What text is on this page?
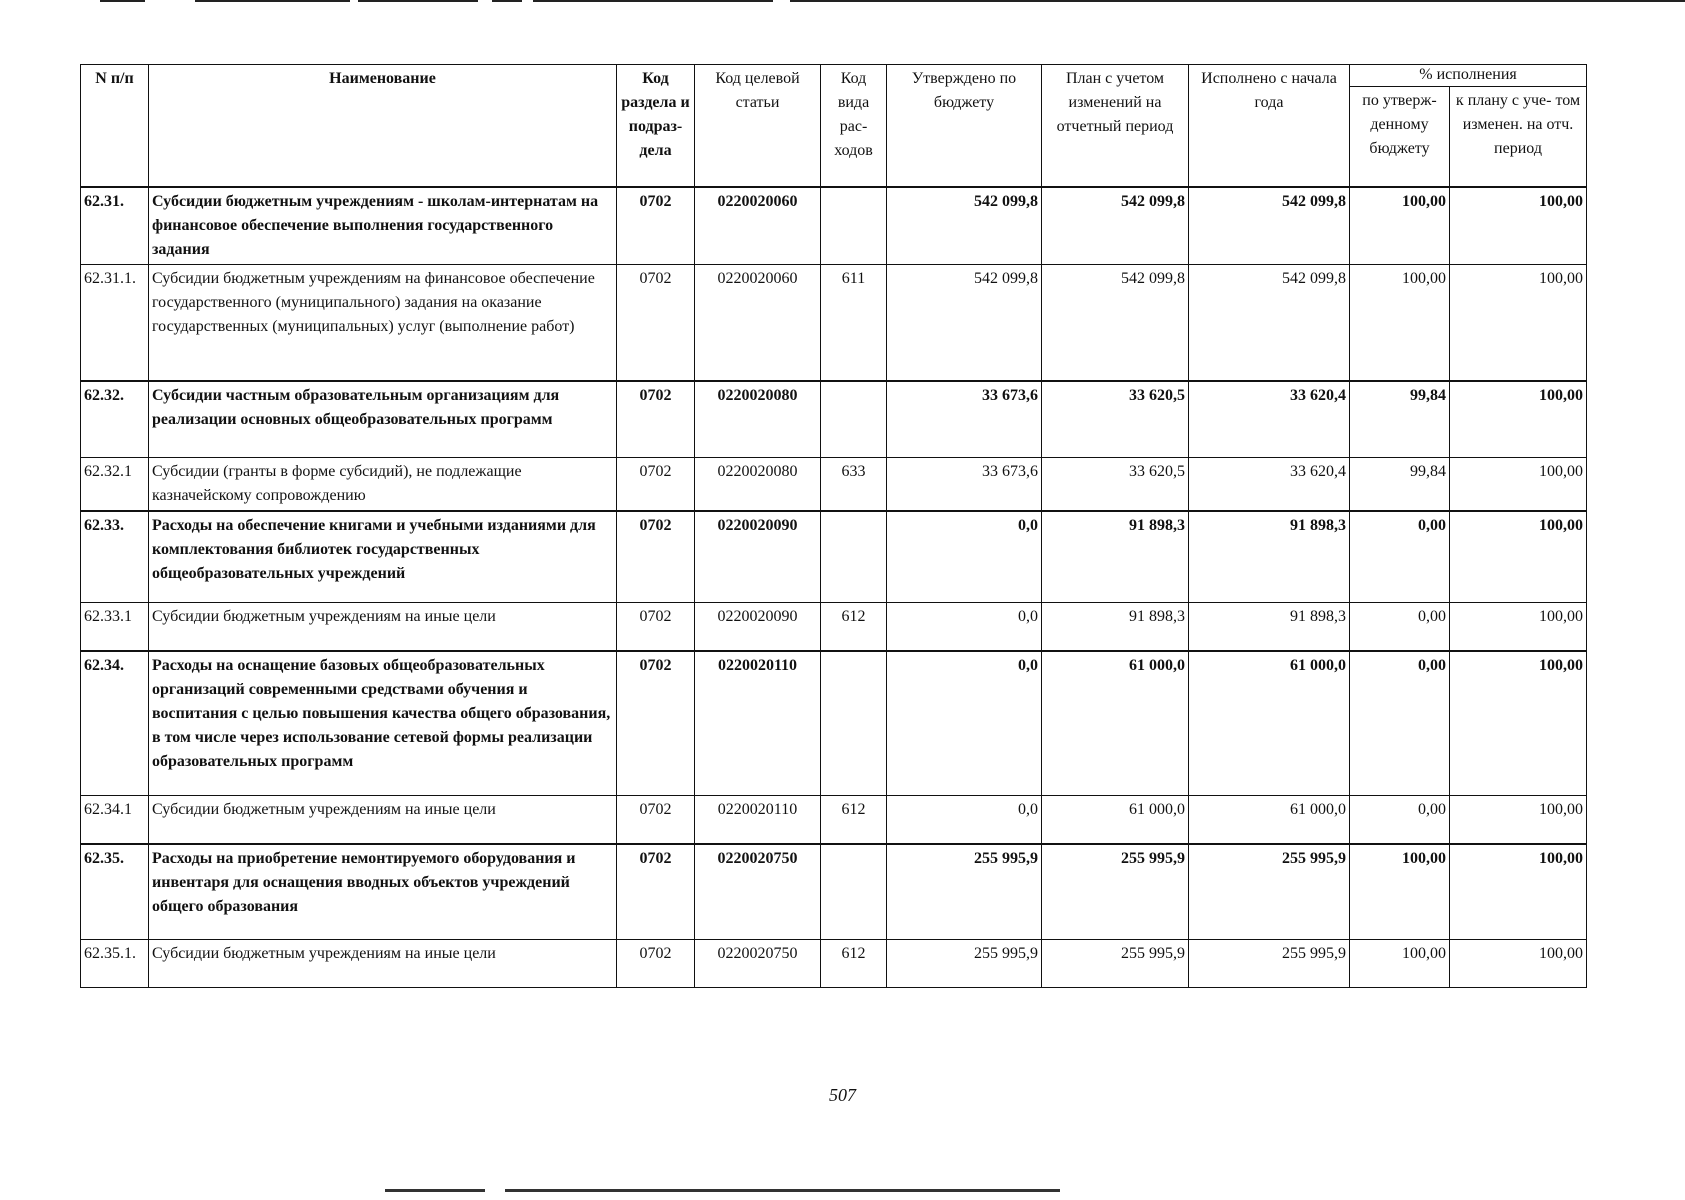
N п/п	Наименование	Код раздела и подраз- дела	Код целевой статьи	Код вида рас- ходов	Утверждено по бюджету	План с учетом изменений на отчетный период	Исполнено с начала года	% исполнения	
								по утверж- денному бюджету	к плану с уче- том изменен. на отч. период
62.31.	Субсидии бюджетным учреждениям - школам-интернатам на финансовое обеспечение выполнения государственного задания	0702	0220020060		542 099,8	542 099,8	542 099,8	100,00	100,00
62.31.1.	Субсидии бюджетным учреждениям на финансовое обеспечение государственного (муниципального) задания на оказание государственных (муниципальных) услуг (выполнение работ)	0702	0220020060	611	542 099,8	542 099,8	542 099,8	100,00	100,00
62.32.	Субсидии частным образовательным организациям для реализации основных общеобразовательных программ	0702	0220020080		33 673,6	33 620,5	33 620,4	99,84	100,00
62.32.1	Субсидии (гранты в форме субсидий), не подлежащие казначейскому сопровождению	0702	0220020080	633	33 673,6	33 620,5	33 620,4	99,84	100,00
62.33.	Расходы на обеспечение книгами и учебными изданиями для комплектования библиотек государственных общеобразовательных учреждений	0702	0220020090		0,0	91 898,3	91 898,3	0,00	100,00
62.33.1	Субсидии бюджетным учреждениям на иные цели	0702	0220020090	612	0,0	91 898,3	91 898,3	0,00	100,00
62.34.	Расходы на оснащение базовых общеобразовательных организаций современными средствами обучения и воспитания с целью повышения качества общего образования, в том числе через использование сетевой формы реализации образовательных программ	0702	0220020110		0,0	61 000,0	61 000,0	0,00	100,00
62.34.1	Субсидии бюджетным учреждениям на иные цели	0702	0220020110	612	0,0	61 000,0	61 000,0	0,00	100,00
62.35.	Расходы на приобретение немонтируемого оборудования и инвентаря для оснащения вводных объектов учреждений общего образования	0702	0220020750		255 995,9	255 995,9	255 995,9	100,00	100,00
62.35.1.	Субсидии бюджетным учреждениям на иные цели	0702	0220020750	612	255 995,9	255 995,9	255 995,9	100,00	100,00
507
